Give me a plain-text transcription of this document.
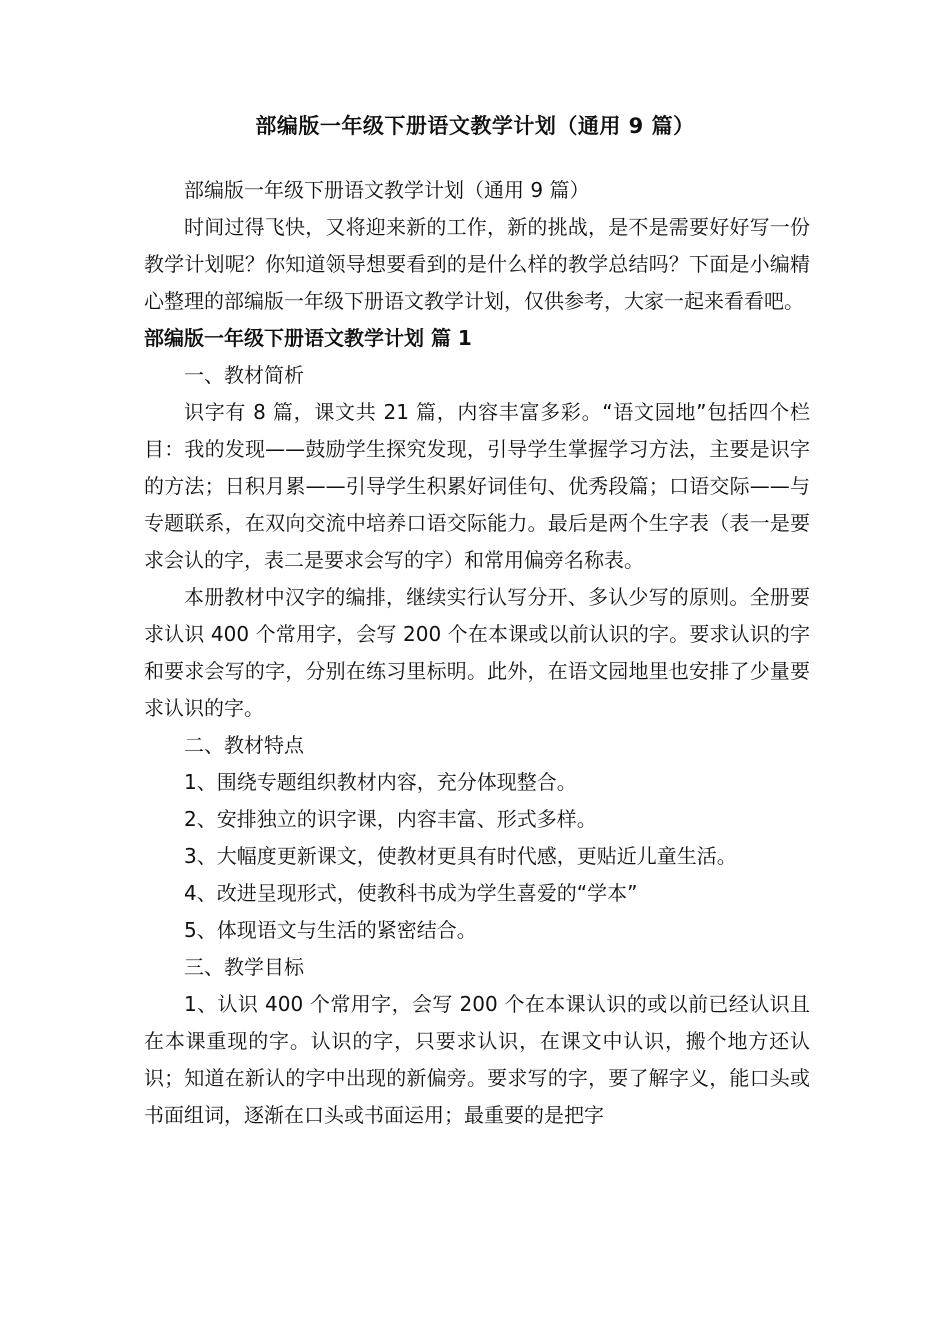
部编版一年级下册语文教学计划（通用 9 篇）

部编版一年级下册语文教学计划（通用 9 篇）

时间过得飞快，又将迎来新的工作，新的挑战，是不是需要好好写一份教学计划呢？你知道领导想要看到的是什么样的教学总结吗？下面是小编精心整理的部编版一年级下册语文教学计划，仅供参考，大家一起来看看吧。

部编版一年级下册语文教学计划 篇 1

一、教材简析

识字有 8 篇，课文共 21 篇，内容丰富多彩。“语文园地”包括四个栏目：我的发现——鼓励学生探究发现，引导学生掌握学习方法，主要是识字的方法；日积月累——引导学生积累好词佳句、优秀段篇；口语交际——与专题联系，在双向交流中培养口语交际能力。最后是两个生字表（表一是要求会认的字，表二是要求会写的字）和常用偏旁名称表。

本册教材中汉字的编排，继续实行认写分开、多认少写的原则。全册要求认识 400 个常用字，会写 200 个在本课或以前认识的字。要求认识的字和要求会写的字，分别在练习里标明。此外，在语文园地里也安排了少量要求认识的字。

二、教材特点

1、围绕专题组织教材内容，充分体现整合。

2、安排独立的识字课，内容丰富、形式多样。

3、大幅度更新课文，使教材更具有时代感，更贴近儿童生活。

4、改进呈现形式，使教科书成为学生喜爱的“学本”

5、体现语文与生活的紧密结合。

三、教学目标

1、认识 400 个常用字，会写 200 个在本课认识的或以前已经认识且在本课重现的字。认识的字，只要求认识，在课文中认识，搬个地方还认识；知道在新认的字中出现的新偏旁。要求写的字，要了解字义，能口头或书面组词，逐渐在口头或书面运用；最重要的是把字
